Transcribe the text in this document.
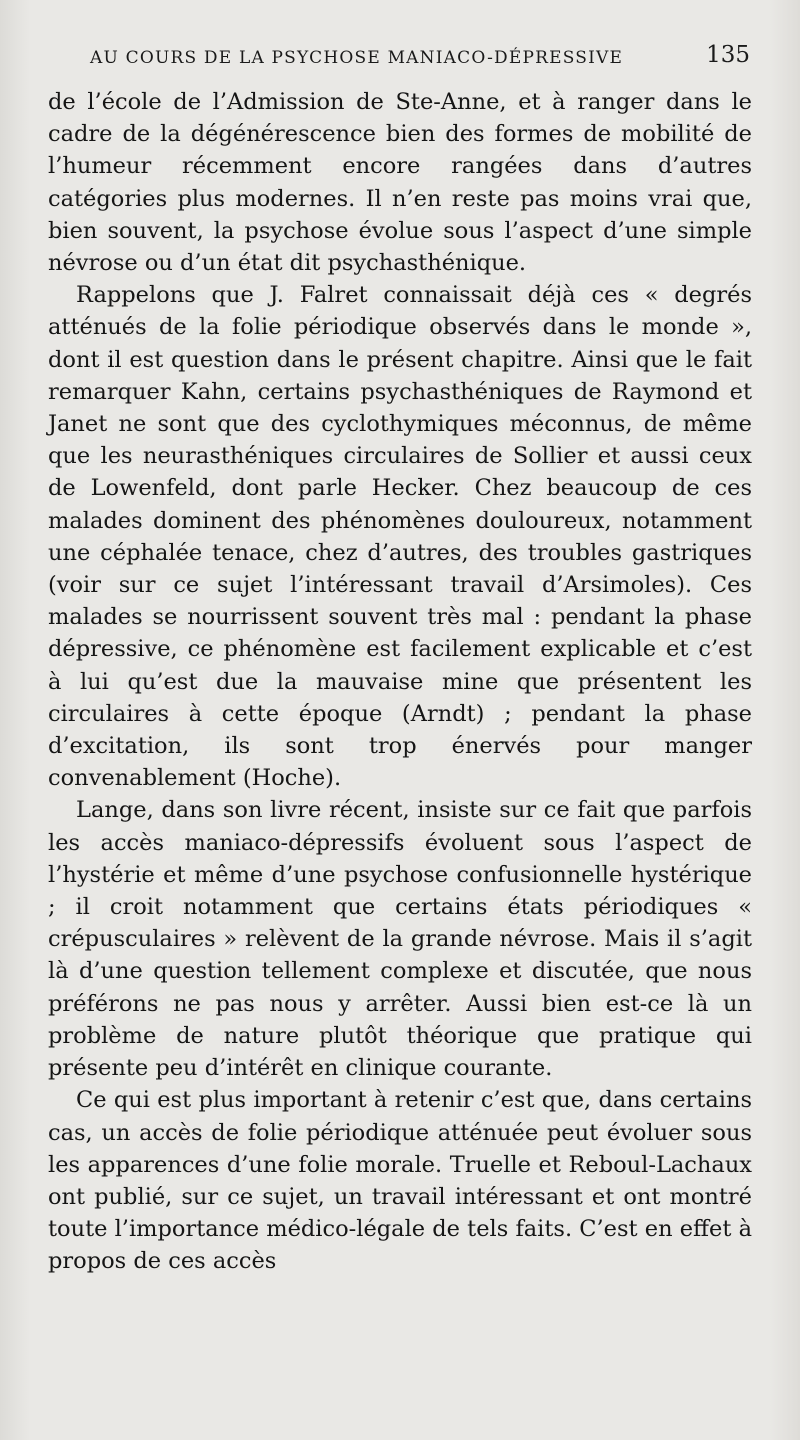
AU COURS DE LA PSYCHOSE MANIACO-DÉPRESSIVE	135

de l’école de l’Admission de Ste-Anne, et à ranger dans le cadre de la dégénérescence bien des formes de mobilité de l’humeur récemment encore rangées dans d’autres catégories plus modernes. Il n’en reste pas moins vrai que, bien souvent, la psychose évolue sous l’aspect d’une simple névrose ou d’un état dit psychasthénique.

Rappelons que J. Falret connaissait déjà ces « degrés atténués de la folie périodique observés dans le monde », dont il est question dans le présent chapitre. Ainsi que le fait remarquer Kahn, certains psychasthéniques de Raymond et Janet ne sont que des cyclothymiques méconnus, de même que les neurasthéniques circulaires de Sollier et aussi ceux de Lowenfeld, dont parle Hecker. Chez beaucoup de ces malades dominent des phénomènes douloureux, notamment une céphalée tenace, chez d’autres, des troubles gastriques (voir sur ce sujet l’intéressant travail d’Arsimoles). Ces malades se nourrissent souvent très mal : pendant la phase dépressive, ce phénomène est facilement explicable et c’est à lui qu’est due la mauvaise mine que présentent les circulaires à cette époque (Arndt) ; pendant la phase d’excitation, ils sont trop énervés pour manger convenablement (Hoche).

Lange, dans son livre récent, insiste sur ce fait que parfois les accès maniaco-dépressifs évoluent sous l’aspect de l’hystérie et même d’une psychose confusionnelle hystérique ; il croit notamment que certains états périodiques « crépusculaires » relèvent de la grande névrose. Mais il s’agit là d’une question tellement complexe et discutée, que nous préférons ne pas nous y arrêter. Aussi bien est-ce là un problème de nature plutôt théorique que pratique qui présente peu d’intérêt en clinique courante.

Ce qui est plus important à retenir c’est que, dans certains cas, un accès de folie périodique atténuée peut évoluer sous les apparences d’une folie morale. Truelle et Reboul-Lachaux ont publié, sur ce sujet, un travail intéressant et ont montré toute l’importance médico-légale de tels faits. C’est en effet à propos de ces accès
